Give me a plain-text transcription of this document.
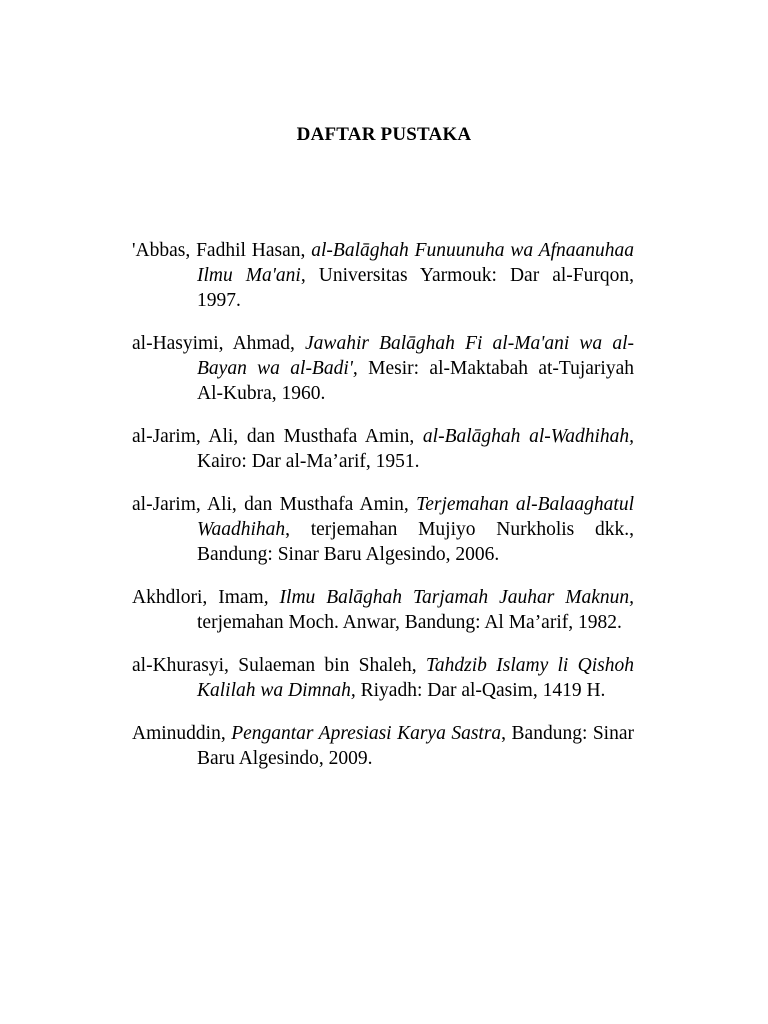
DAFTAR PUSTAKA

'Abbas, Fadhil Hasan, al-Balāghah Funuunuha wa Afnaanuhaa Ilmu Ma'ani, Universitas Yarmouk: Dar al-Furqon, 1997.

al-Hasyimi, Ahmad, Jawahir Balāghah Fi al-Ma'ani wa al-Bayan wa al-Badi', Mesir: al-Maktabah at-Tujariyah Al-Kubra, 1960.

al-Jarim, Ali, dan Musthafa Amin, al-Balāghah al-Wadhihah, Kairo: Dar al-Ma’arif, 1951.

al-Jarim, Ali, dan Musthafa Amin, Terjemahan al-Balaaghatul Waadhihah, terjemahan Mujiyo Nurkholis dkk., Bandung: Sinar Baru Algesindo, 2006.

Akhdlori, Imam, Ilmu Balāghah Tarjamah Jauhar Maknun, terjemahan Moch. Anwar, Bandung: Al Ma’arif, 1982.

al-Khurasyi, Sulaeman bin Shaleh, Tahdzib Islamy li Qishoh Kalilah wa Dimnah, Riyadh: Dar al-Qasim, 1419 H.

Aminuddin, Pengantar Apresiasi Karya Sastra, Bandung: Sinar Baru Algesindo, 2009.
